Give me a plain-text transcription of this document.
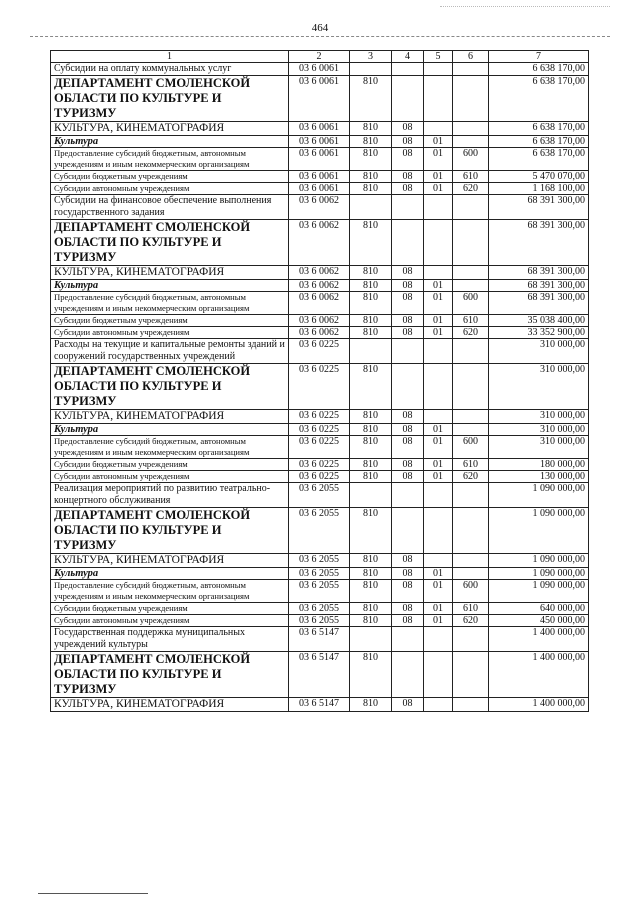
464
1	2	3	4	5	6	7
Субсидии на оплату коммунальных услуг	03 6 0061					6 638 170,00
ДЕПАРТАМЕНТ СМОЛЕНСКОЙ ОБЛАСТИ ПО КУЛЬТУРЕ И ТУРИЗМУ	03 6 0061	810				6 638 170,00
КУЛЬТУРА, КИНЕМАТОГРАФИЯ	03 6 0061	810	08			6 638 170,00
Культура	03 6 0061	810	08	01		6 638 170,00
Предоставление субсидий бюджетным, автономным учреждениям и иным некоммерческим организациям	03 6 0061	810	08	01	600	6 638 170,00
Субсидии бюджетным учреждениям	03 6 0061	810	08	01	610	5 470 070,00
Субсидии автономным учреждениям	03 6 0061	810	08	01	620	1 168 100,00
Субсидии на финансовое обеспечение выполнения государственного задания	03 6 0062					68 391 300,00
ДЕПАРТАМЕНТ СМОЛЕНСКОЙ ОБЛАСТИ ПО КУЛЬТУРЕ И ТУРИЗМУ	03 6 0062	810				68 391 300,00
КУЛЬТУРА, КИНЕМАТОГРАФИЯ	03 6 0062	810	08			68 391 300,00
Культура	03 6 0062	810	08	01		68 391 300,00
Предоставление субсидий бюджетным, автономным учреждениям и иным некоммерческим организациям	03 6 0062	810	08	01	600	68 391 300,00
Субсидии бюджетным учреждениям	03 6 0062	810	08	01	610	35 038 400,00
Субсидии автономным учреждениям	03 6 0062	810	08	01	620	33 352 900,00
Расходы на текущие и капитальные ремонты зданий и сооружений государственных учреждений	03 6 0225					310 000,00
ДЕПАРТАМЕНТ СМОЛЕНСКОЙ ОБЛАСТИ ПО КУЛЬТУРЕ И ТУРИЗМУ	03 6 0225	810				310 000,00
КУЛЬТУРА, КИНЕМАТОГРАФИЯ	03 6 0225	810	08			310 000,00
Культура	03 6 0225	810	08	01		310 000,00
Предоставление субсидий бюджетным, автономным учреждениям и иным некоммерческим организациям	03 6 0225	810	08	01	600	310 000,00
Субсидии бюджетным учреждениям	03 6 0225	810	08	01	610	180 000,00
Субсидии автономным учреждениям	03 6 0225	810	08	01	620	130 000,00
Реализация мероприятий по развитию театрально-концертного обслуживания	03 6 2055					1 090 000,00
ДЕПАРТАМЕНТ СМОЛЕНСКОЙ ОБЛАСТИ ПО КУЛЬТУРЕ И ТУРИЗМУ	03 6 2055	810				1 090 000,00
КУЛЬТУРА, КИНЕМАТОГРАФИЯ	03 6 2055	810	08			1 090 000,00
Культура	03 6 2055	810	08	01		1 090 000,00
Предоставление субсидий бюджетным, автономным учреждениям и иным некоммерческим организациям	03 6 2055	810	08	01	600	1 090 000,00
Субсидии бюджетным учреждениям	03 6 2055	810	08	01	610	640 000,00
Субсидии автономным учреждениям	03 6 2055	810	08	01	620	450 000,00
Государственная поддержка муниципальных учреждений культуры	03 6 5147					1 400 000,00
ДЕПАРТАМЕНТ СМОЛЕНСКОЙ ОБЛАСТИ ПО КУЛЬТУРЕ И ТУРИЗМУ	03 6 5147	810				1 400 000,00
КУЛЬТУРА, КИНЕМАТОГРАФИЯ	03 6 5147	810	08			1 400 000,00
